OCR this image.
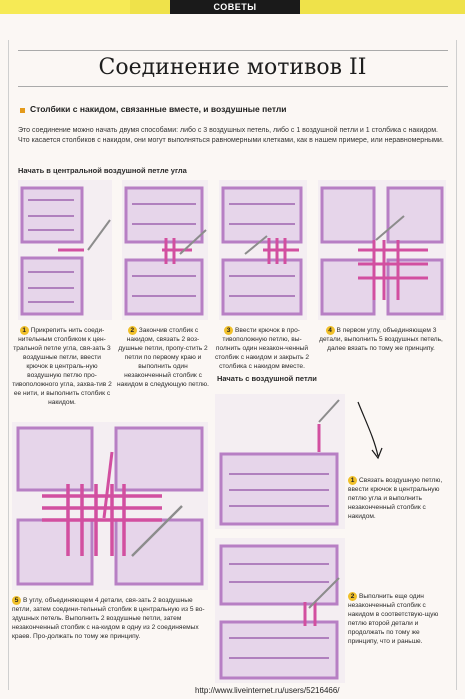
СОВЕТЫ
Соединение мотивов II
Столбики с накидом, связанные вместе, и воздушные петли
Это соединение можно начать двумя способами: либо с 3 воздушных петель, либо с 1 воздушной петли и 1 столбика с накидом. Что касается столбиков с накидом, они могут выполняться равномерными клетками, как в нашем примере, или неравномерными.
Начать в центральной воздушной петле угла
1 Прикрепить нить соеди-нительным столбиком к цен-тральной петле угла, свя-зать 3 воздушные петли, ввести крючок в централь-ную воздушную петлю про-тивоположного угла, захва-тив 2 ее нити, и выполнить столбик с накидом.
2 Закончив столбик с накидом, связать 2 воз-душные петли, пропу-стить 2 петли по первому краю и выполнить один незаконченный столбик с накидом в следующую петлю.
3 Ввести крючок в про-тивоположную петлю, вы-полнить один незакон-ченный столбик с накидом и закрыть 2 столбика с накидом вместе.
4 В первом углу, объединяющем 3 детали, выполнить 5 воздушных петель, далее вязать по тому же принципу.
5 В углу, объединяющем 4 детали, свя-зать 2 воздушные петли, затем соедини-тельный столбик в центральную из 5 во-здушных петель. Выполнить 2 воздушные петли, затем незаконченный столбик с на-кидом в одну из 2 соединяемых краев. Про-должать по тому же принципу.
Начать с воздушной петли
1 Связать воздушную петлю, ввести крючок в центральную петлю угла и выполнить незаконченный столбик с накидом.
2 Выполнить еще один незаконченный столбик с накидом в соответствую-щую петлю второй детали и продолжать по тому же принципу, что и раньше.
http://www.liveinternet.ru/users/5216466/
